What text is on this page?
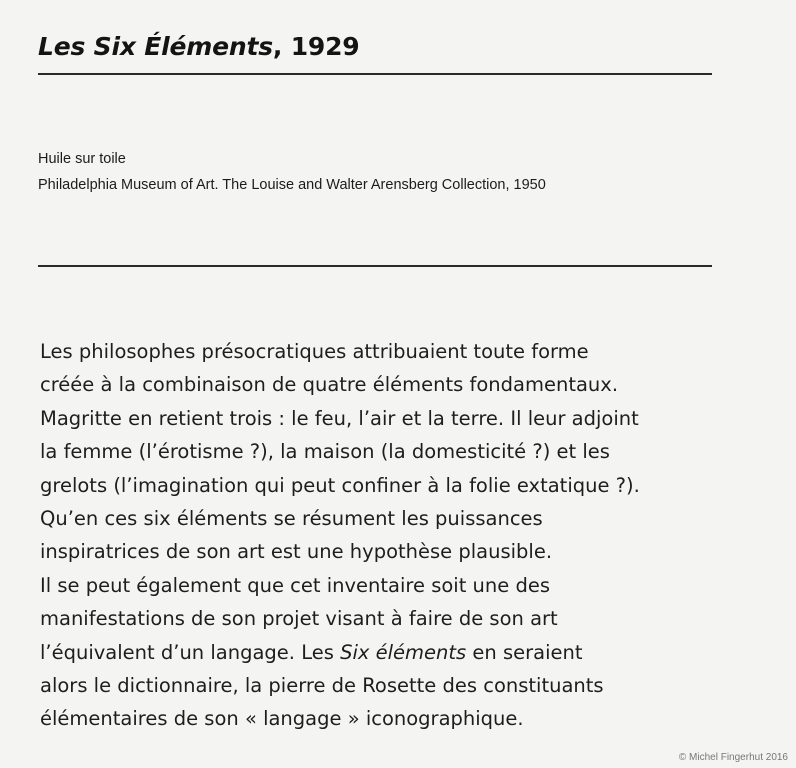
Les Six Éléments, 1929
Huile sur toile
Philadelphia Museum of Art. The Louise and Walter Arensberg Collection, 1950
Les philosophes présocratiques attribuaient toute forme
créée à la combinaison de quatre éléments fondamentaux.
Magritte en retient trois : le feu, l’air et la terre. Il leur adjoint
la femme (l’érotisme ?), la maison (la domesticité ?) et les
grelots (l’imagination qui peut confiner à la folie extatique ?).
Qu’en ces six éléments se résument les puissances
inspiratrices de son art est une hypothèse plausible.
Il se peut également que cet inventaire soit une des
manifestations de son projet visant à faire de son art
l’équivalent d’un langage. Les Six éléments en seraient
alors le dictionnaire, la pierre de Rosette des constituants
élémentaires de son « langage » iconographique.
© Michel Fingerhut 2016
